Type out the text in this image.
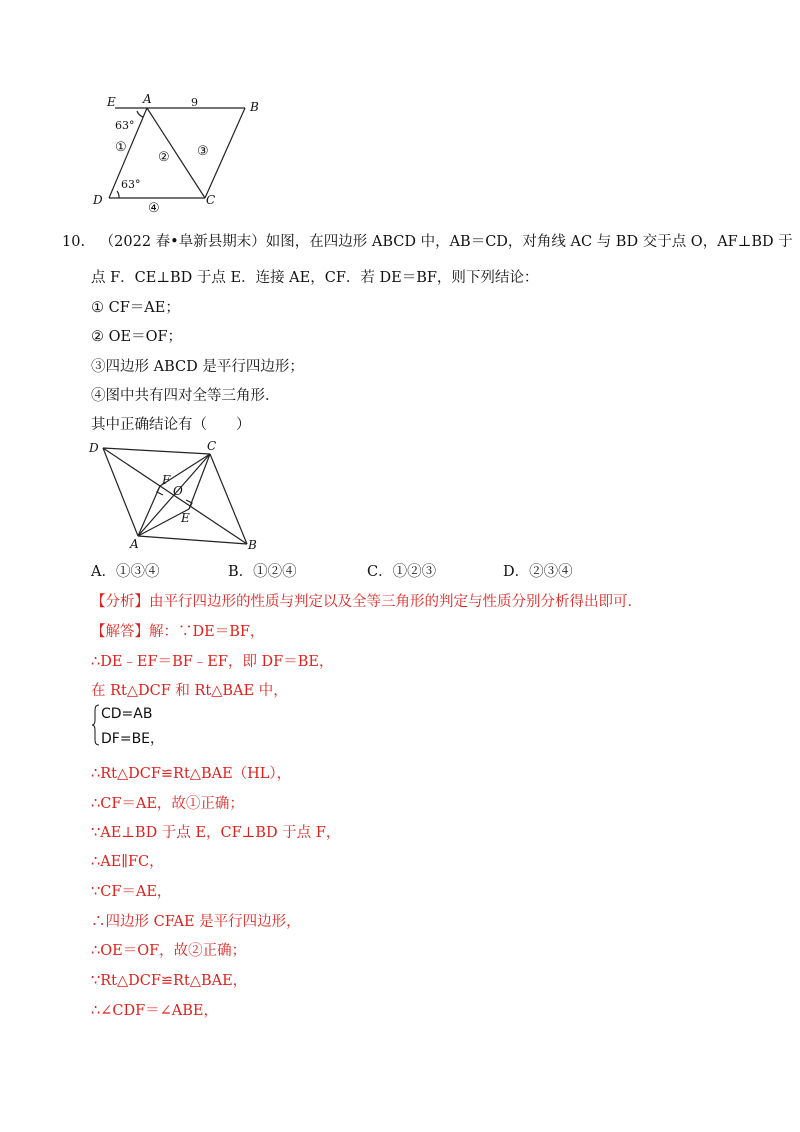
E A
B
D	C
9
63°
63°
①
② ③
④
10. （2022 春•阜新县期末）如图，在四边形 ABCD 中，AB＝CD，对角线 AC 与 BD 交于点 O，AF⊥BD 于
点 F．CE⊥BD 于点 E．连接 AE，CF．若 DE＝BF，则下列结论：
① CF＝AE；
② OE＝OF；
③四边形 ABCD 是平行四边形；
④图中共有四对全等三角形．
其中正确结论有（　　）
D	C
F
O
E
A	B
A．①③④	B．①②④	C．①②③	D．②③④
【分析】由平行四边形的性质与判定以及全等三角形的判定与性质分别分析得出即可．
【解答】解：∵DE＝BF，
∴DE﹣EF＝BF﹣EF，即 DF＝BE，
在 Rt△DCF 和 Rt△BAE 中，
CD=AB
DF=BE，
∴Rt△DCF≌Rt△BAE（HL），
∴CF＝AE，故①正确；
∵AE⊥BD 于点 E，CF⊥BD 于点 F，
∴AE∥FC，
∵CF＝AE，
∴四边形 CFAE 是平行四边形，
∴OE＝OF，故②正确；
∵Rt△DCF≌Rt△BAE，
∴∠CDF＝∠ABE，
